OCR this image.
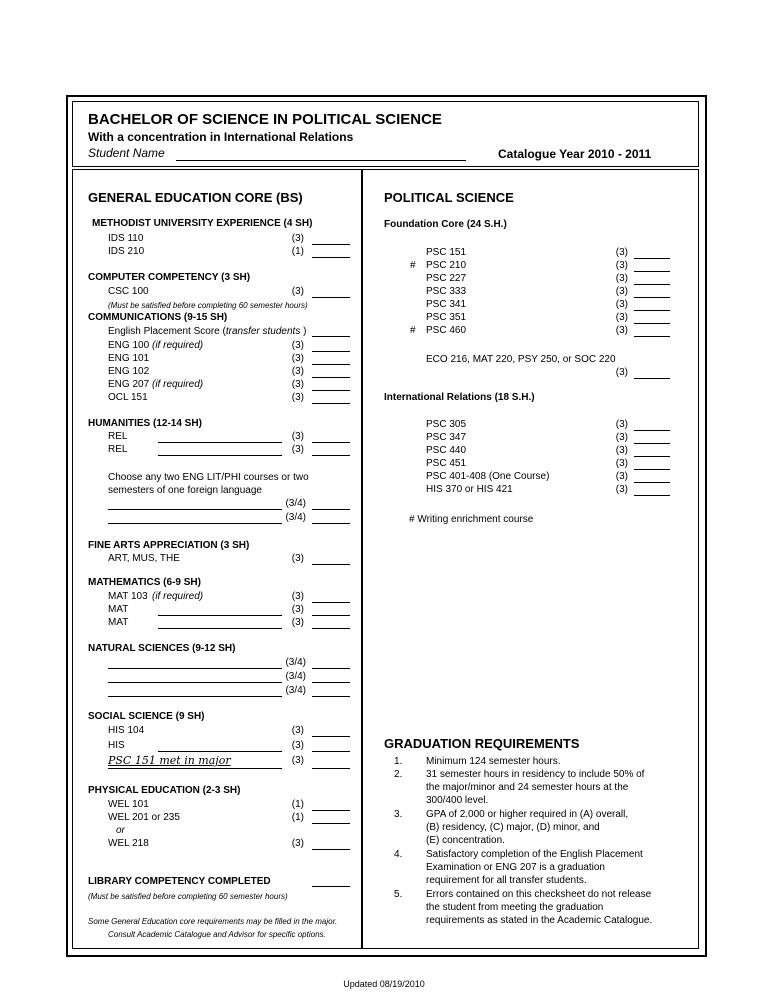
BACHELOR OF SCIENCE IN POLITICAL SCIENCE
With a concentration in International Relations
Student Name	Catalogue Year 2010 - 2011
GENERAL EDUCATION CORE (BS)
METHODIST UNIVERSITY EXPERIENCE (4 SH)
COMPUTER COMPETENCY (3 SH)
(Must be satisfied before completing 60 semester hours)
COMMUNICATIONS (9-15 SH)
English Placement Score (transfer students )
HUMANITIES (12-14 SH)
Choose any two ENG LIT/PHI courses or two
semesters of one foreign language
FINE ARTS APPRECIATION (3 SH)
MATHEMATICS (6-9 SH)
NATURAL SCIENCES (9-12 SH)
SOCIAL SCIENCE (9 SH)
PSC 151 met in major	(3)
PHYSICAL EDUCATION (2-3 SH)
LIBRARY COMPETENCY COMPLETED
(Must be satisfied before completing 60 semester hours)
Some General Education core requirements may be filled in the major.
Consult Academic Catalogue and Advisor for specific options.
POLITICAL SCIENCE
Foundation Core (24 S.H.)
ECO 216, MAT 220, PSY 250, or SOC 220
(3)
International Relations (18 S.H.)
# Writing enrichment course
GRADUATION REQUIREMENTS
Updated 08/19/2010
IDS 110	(3)
IDS 210	(1)
CSC 100	(3)
ENG 100 (if required)	(3)
ENG 101	(3)
ENG 102	(3)
ENG 207 (if required)	(3)
OCL 151	(3)
REL	(3)
REL	(3)
(3/4)
(3/4)
ART, MUS, THE	(3)
MAT 103 (if required)	(3)
MAT	(3)
MAT	(3)
(3/4)
(3/4)
(3/4)
HIS 104	(3)
HIS	(3)
WEL 101	(1)
WEL 201 or 235	(1)
or
WEL 218	(3)
PSC 151	(3)
# PSC 210	(3)
PSC 227	(3)
PSC 333	(3)
PSC 341	(3)
PSC 351	(3)
# PSC 460	(3)
PSC 305	(3)
PSC 347	(3)
PSC 440	(3)
PSC 451	(3)
PSC 401-408 (One Course)	(3)
HIS 370 or HIS 421	(3)
1. Minimum 124 semester hours.
2. 31 semester hours in residency to include 50% of
the major/minor and 24 semester hours at the
300/400 level.
3. GPA of 2.000 or higher required in (A) overall,
(B) residency, (C) major, (D) minor, and
(E) concentration.
4. Satisfactory completion of the English Placement
Examination or ENG 207 is a graduation
requirement for all transfer students.
5. Errors contained on this checksheet do not release
the student from meeting the graduation
requirements as stated in the Academic Catalogue.
